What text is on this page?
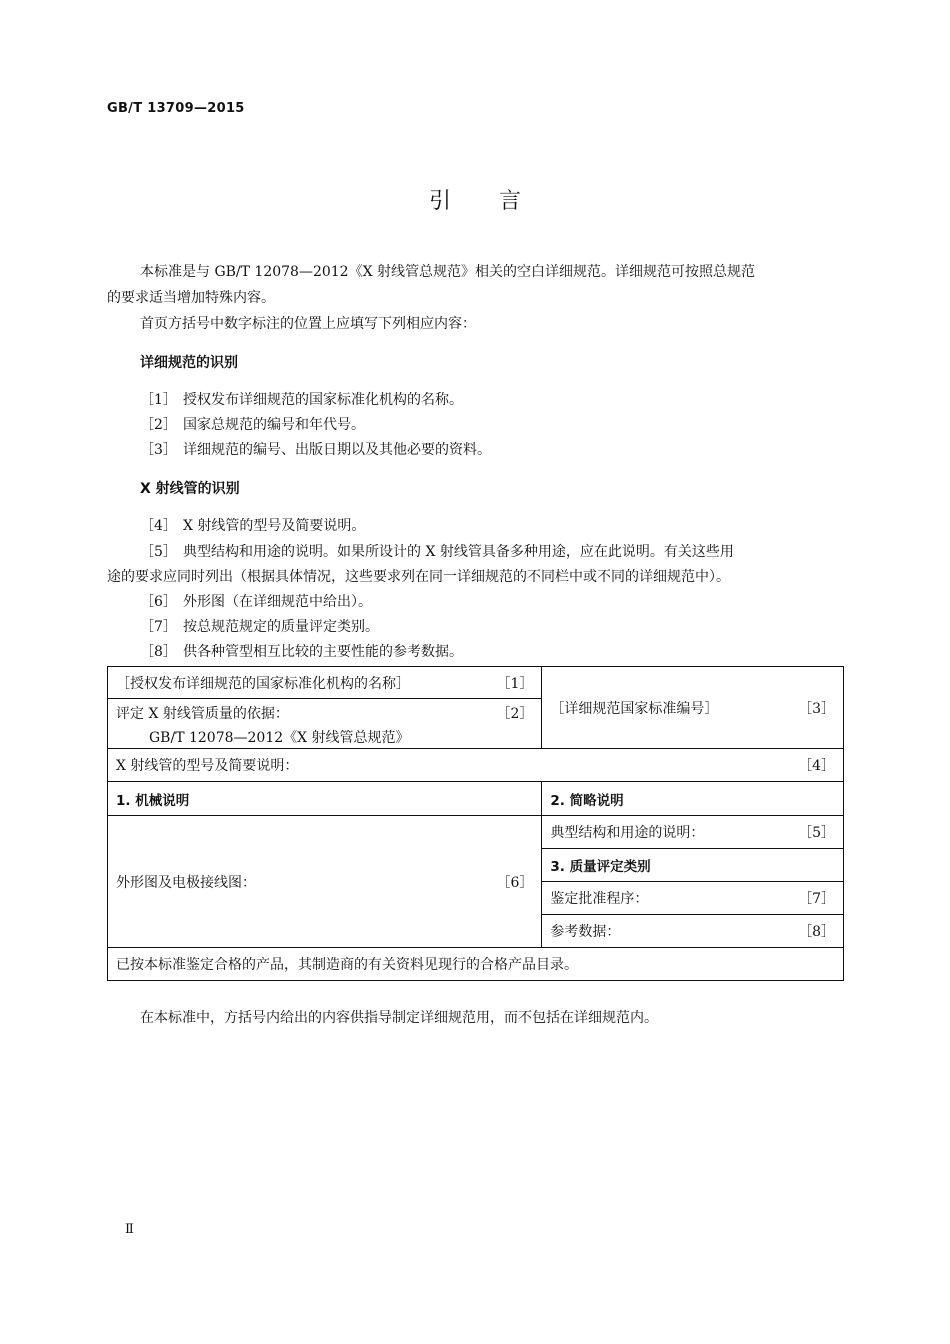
GB/T 13709—2015
引言
本标准是与 GB/T 12078—2012《X 射线管总规范》相关的空白详细规范。详细规范可按照总规范
的要求适当增加特殊内容。
首页方括号中数字标注的位置上应填写下列相应内容：
详细规范的识别
［1］ 授权发布详细规范的国家标准化机构的名称。
［2］ 国家总规范的编号和年代号。
［3］ 详细规范的编号、出版日期以及其他必要的资料。
X 射线管的识别
［4］ X 射线管的型号及简要说明。
［5］ 典型结构和用途的说明。如果所设计的 X 射线管具备多种用途，应在此说明。有关这些用
途的要求应同时列出（根据具体情况，这些要求列在同一详细规范的不同栏中或不同的详细规范中）。
［6］ 外形图（在详细规范中给出）。
［7］ 按总规范规定的质量评定类别。
［8］ 供各种管型相互比较的主要性能的参考数据。
［授权发布详细规范的国家标准化机构的名称］ ［1］	［详细规范国家标准编号］ ［3］

评定 X 射线管质量的依据： ［2］
GB/T 12078—2012《X 射线管总规范》	

X 射线管的型号及简要说明： ［4］	

1. 机械说明	2. 简略说明

外形图及电极接线图： ［6］	典型结构和用途的说明： ［5］

	3. 质量评定类别

	鉴定批准程序： ［7］

	参考数据： ［8］

已按本标准鉴定合格的产品，其制造商的有关资料见现行的合格产品目录。	
在本标准中，方括号内给出的内容供指导制定详细规范用，而不包括在详细规范内。
Ⅱ
